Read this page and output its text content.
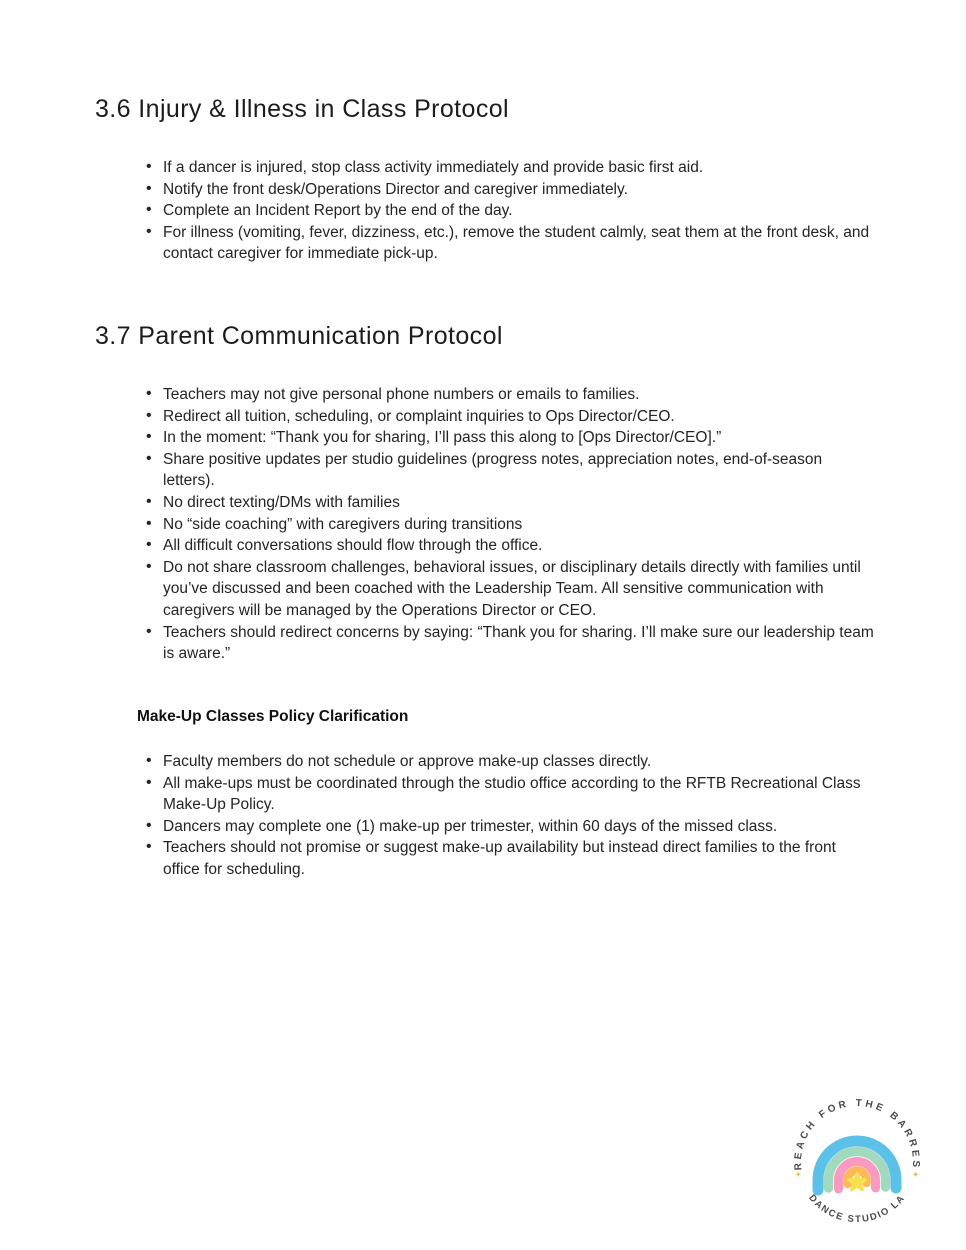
3.6 Injury & Illness in Class Protocol
• If a dancer is injured, stop class activity immediately and provide basic first aid.
• Notify the front desk/Operations Director and caregiver immediately.
• Complete an Incident Report by the end of the day.
• For illness (vomiting, fever, dizziness, etc.), remove the student calmly, seat them at the front desk, and contact caregiver for immediate pick-up.
3.7 Parent Communication Protocol
• Teachers may not give personal phone numbers or emails to families.
• Redirect all tuition, scheduling, or complaint inquiries to Ops Director/CEO.
• In the moment: “Thank you for sharing, I’ll pass this along to [Ops Director/CEO].”
• Share positive updates per studio guidelines (progress notes, appreciation notes, end-of-season letters).
• No direct texting/DMs with families
• No “side coaching” with caregivers during transitions
• All difficult conversations should flow through the office.
• Do not share classroom challenges, behavioral issues, or disciplinary details directly with families until you’ve discussed and been coached with the Leadership Team. All sensitive communication with caregivers will be managed by the Operations Director or CEO.
• Teachers should redirect concerns by saying: “Thank you for sharing. I’ll make sure our leadership team is aware.”
Make-Up Classes Policy Clarification
• Faculty members do not schedule or approve make-up classes directly.
• All make-ups must be coordinated through the studio office according to the RFTB Recreational Class Make-Up Policy.
• Dancers may complete one (1) make-up per trimester, within 60 days of the missed class.
• Teachers should not promise or suggest make-up availability but instead direct families to the front office for scheduling.
REACH FOR THE BARRES
DANCE STUDIO LA
✦	✦
